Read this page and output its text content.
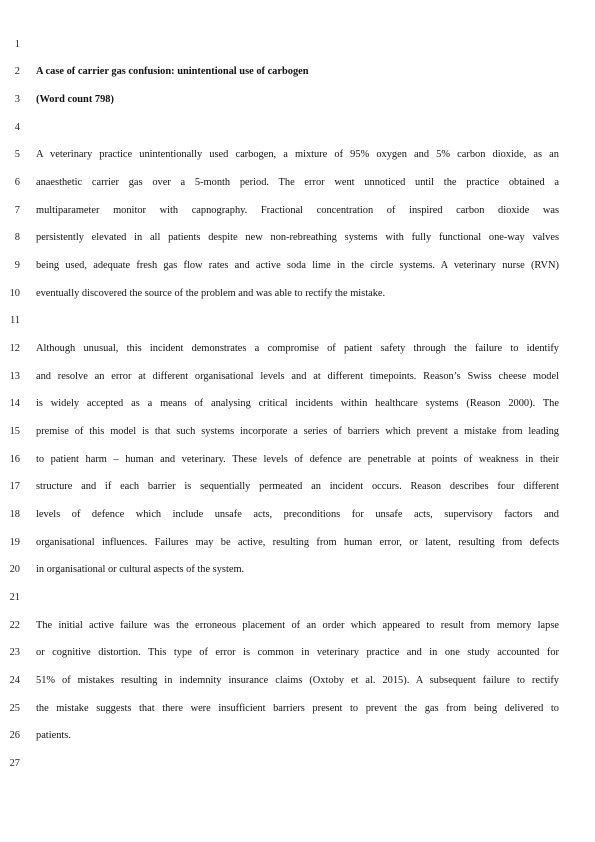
1
2 A case of carrier gas confusion: unintentional use of carbogen
3 (Word count 798)
4
5 A veterinary practice unintentionally used carbogen, a mixture of 95% oxygen and 5% carbon dioxide, as an
6 anaesthetic carrier gas over a 5-month period. The error went unnoticed until the practice obtained a
7 multiparameter monitor with capnography. Fractional concentration of inspired carbon dioxide was
8 persistently elevated in all patients despite new non-rebreathing systems with fully functional one-way valves
9 being used, adequate fresh gas flow rates and active soda lime in the circle systems. A veterinary nurse (RVN)
10 eventually discovered the source of the problem and was able to rectify the mistake.
11
12 Although unusual, this incident demonstrates a compromise of patient safety through the failure to identify
13 and resolve an error at different organisational levels and at different timepoints. Reason’s Swiss cheese model
14 is widely accepted as a means of analysing critical incidents within healthcare systems (Reason 2000). The
15 premise of this model is that such systems incorporate a series of barriers which prevent a mistake from leading
16 to patient harm – human and veterinary. These levels of defence are penetrable at points of weakness in their
17 structure and if each barrier is sequentially permeated an incident occurs. Reason describes four different
18 levels of defence which include unsafe acts, preconditions for unsafe acts, supervisory factors and
19 organisational influences. Failures may be active, resulting from human error, or latent, resulting from defects
20 in organisational or cultural aspects of the system.
21
22 The initial active failure was the erroneous placement of an order which appeared to result from memory lapse
23 or cognitive distortion. This type of error is common in veterinary practice and in one study accounted for
24 51% of mistakes resulting in indemnity insurance claims (Oxtoby et al. 2015). A subsequent failure to rectify
25 the mistake suggests that there were insufficient barriers present to prevent the gas from being delivered to
26 patients.
27
